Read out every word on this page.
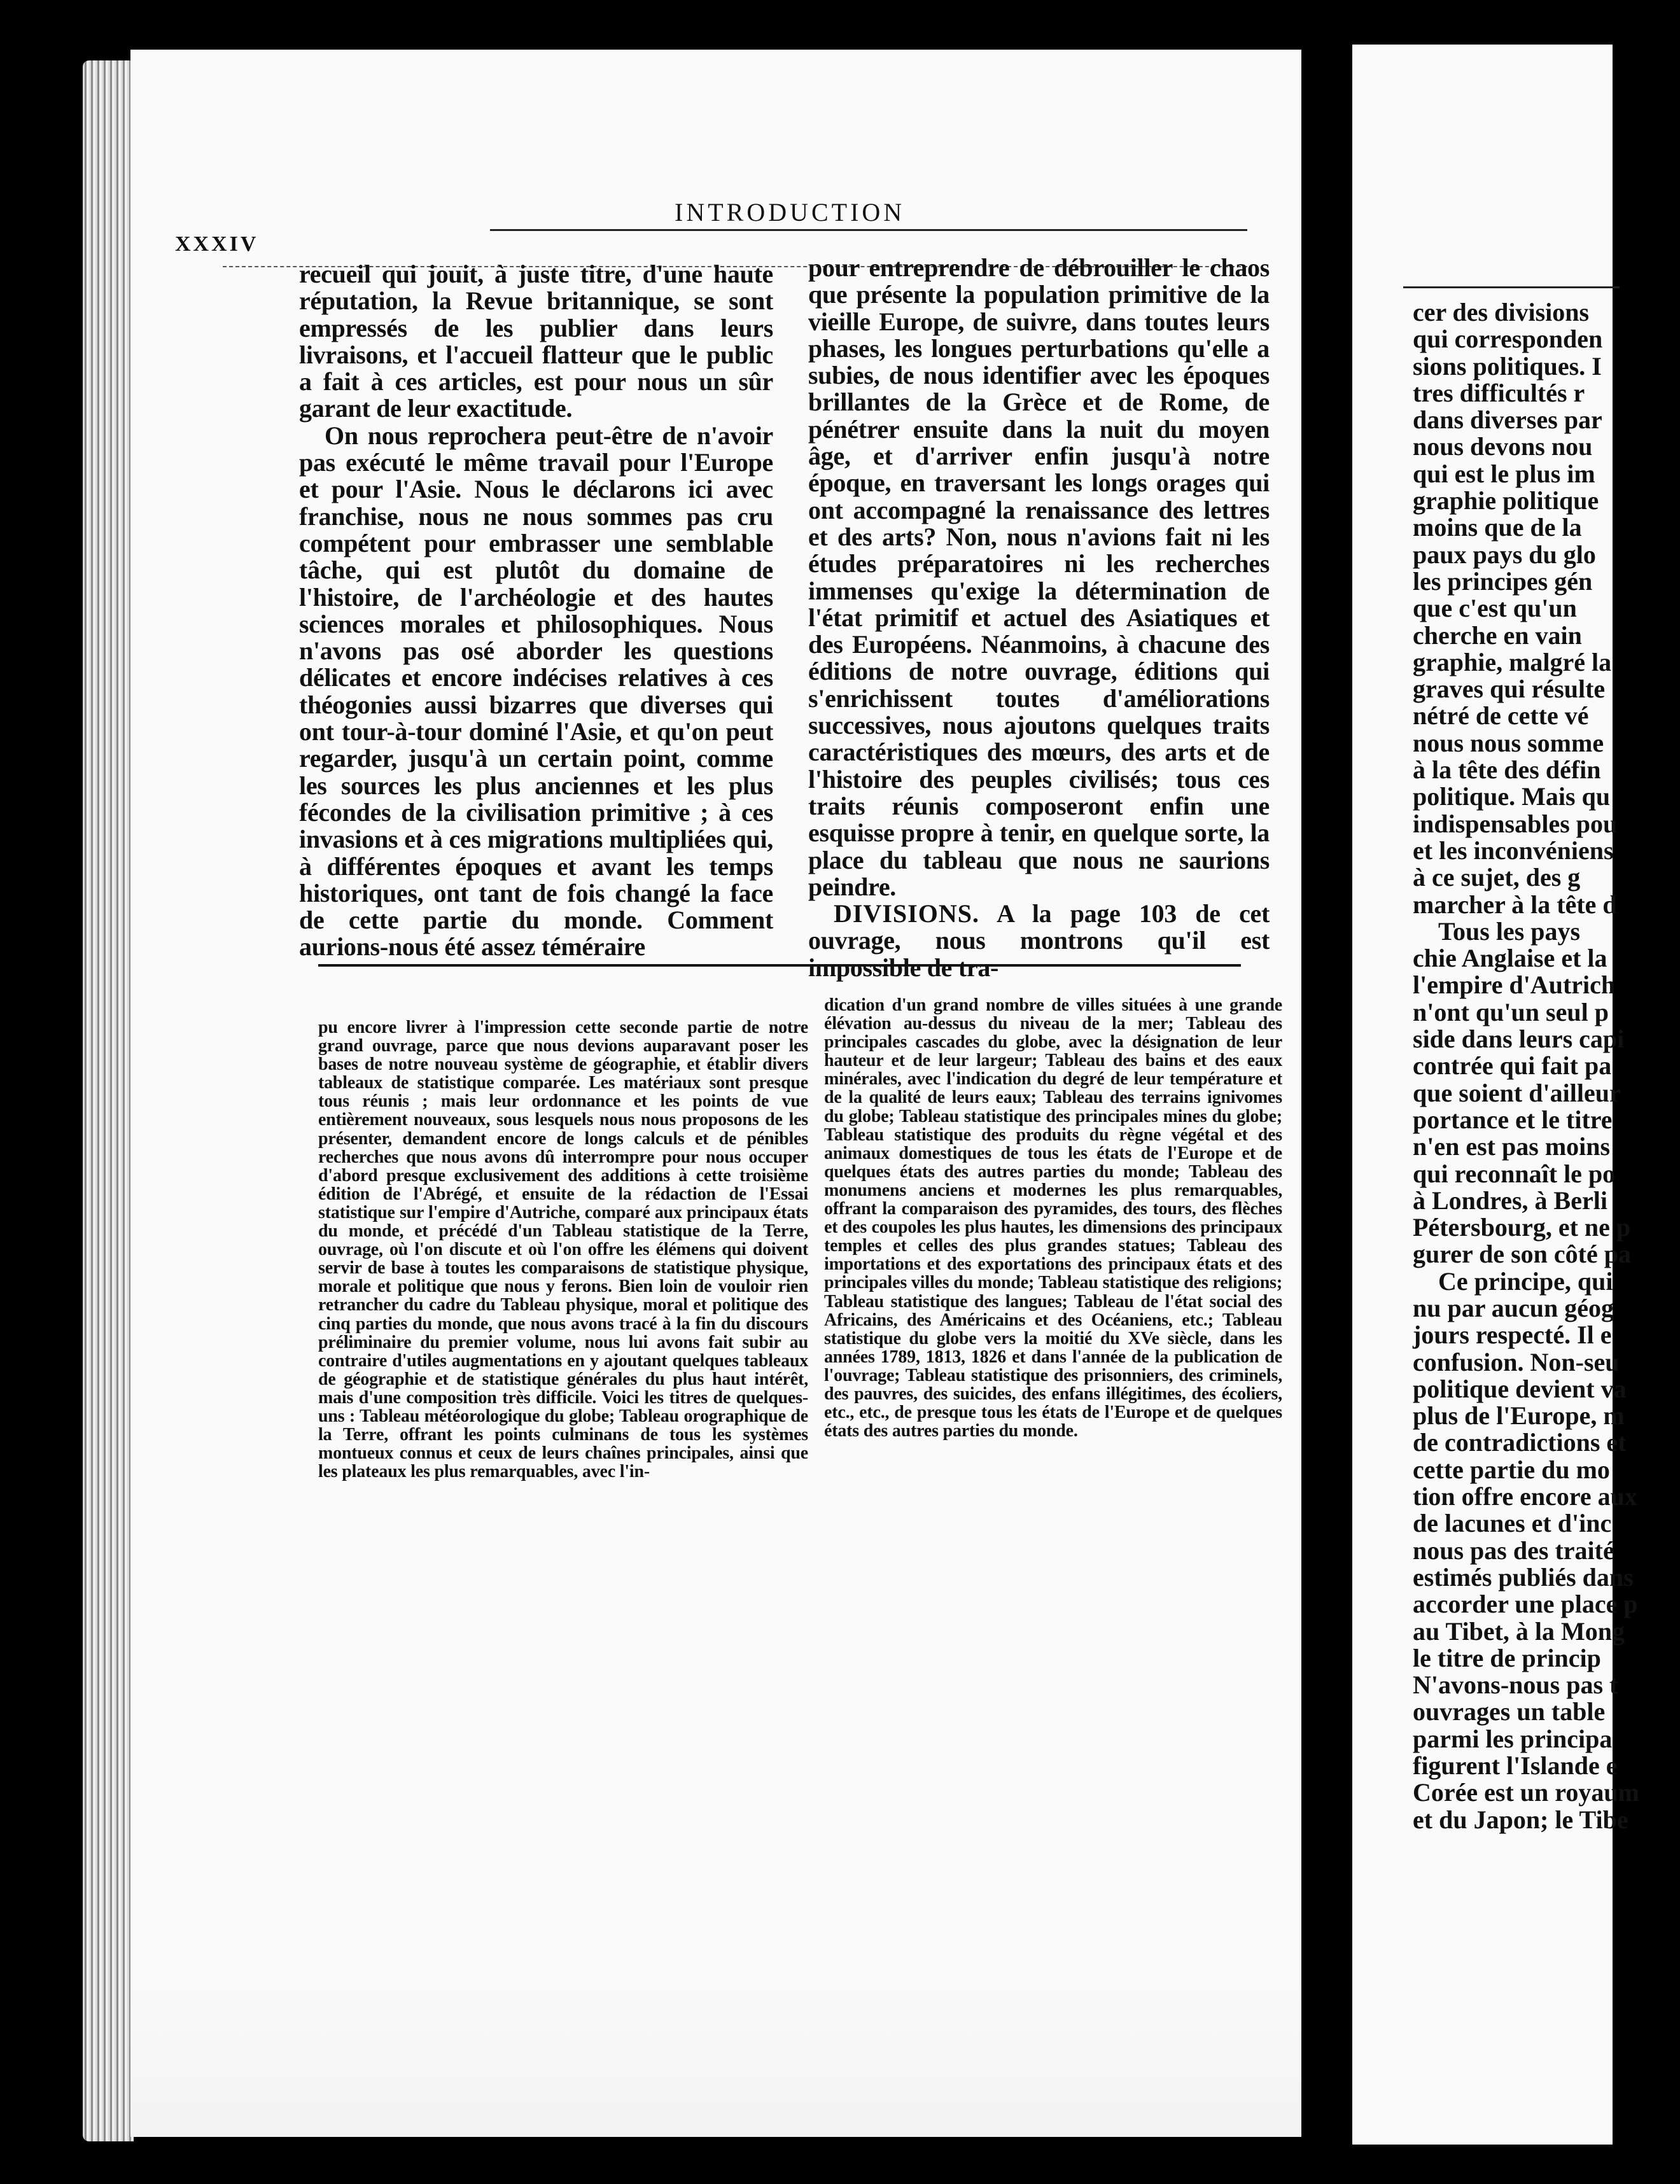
XXXIV
INTRODUCTION

recueil qui jouit, à juste titre, d'une haute réputation, la Revue britannique, se sont empressés de les publier dans leurs livraisons, et l'accueil flatteur que le public a fait à ces articles, est pour nous un sûr garant de leur exactitude.

On nous reprochera peut-être de n'avoir pas exécuté le même travail pour l'Europe et pour l'Asie. Nous le déclarons ici avec franchise, nous ne nous sommes pas cru compétent pour embrasser une semblable tâche, qui est plutôt du domaine de l'histoire, de l'archéologie et des hautes sciences morales et philosophiques. Nous n'avons pas osé aborder les questions délicates et encore indécises relatives à ces théogonies aussi bizarres que diverses qui ont tour-à-tour dominé l'Asie, et qu'on peut regarder, jusqu'à un certain point, comme les sources les plus anciennes et les plus fécondes de la civilisation primitive ; à ces invasions et à ces migrations multipliées qui, à différentes époques et avant les temps historiques, ont tant de fois changé la face de cette partie du monde. Comment aurions-nous été assez téméraire

pour entreprendre de débrouiller le chaos que présente la population primitive de la vieille Europe, de suivre, dans toutes leurs phases, les longues perturbations qu'elle a subies, de nous identifier avec les époques brillantes de la Grèce et de Rome, de pénétrer ensuite dans la nuit du moyen âge, et d'arriver enfin jusqu'à notre époque, en traversant les longs orages qui ont accompagné la renaissance des lettres et des arts? Non, nous n'avions fait ni les études préparatoires ni les recherches immenses qu'exige la détermination de l'état primitif et actuel des Asiatiques et des Européens. Néanmoins, à chacune des éditions de notre ouvrage, éditions qui s'enrichissent toutes d'améliorations successives, nous ajoutons quelques traits caractéristiques des mœurs, des arts et de l'histoire des peuples civilisés; tous ces traits réunis composeront enfin une esquisse propre à tenir, en quelque sorte, la place du tableau que nous ne saurions peindre.

DIVISIONS. A la page 103 de cet ouvrage, nous montrons qu'il est impossible de tra-

pu encore livrer à l'impression cette seconde partie de notre grand ouvrage, parce que nous devions auparavant poser les bases de notre nouveau système de géographie, et établir divers tableaux de statistique comparée. Les matériaux sont presque tous réunis ; mais leur ordonnance et les points de vue entièrement nouveaux, sous lesquels nous nous proposons de les présenter, demandent encore de longs calculs et de pénibles recherches que nous avons dû interrompre pour nous occuper d'abord presque exclusivement des additions à cette troisième édition de l'Abrégé, et ensuite de la rédaction de l'Essai statistique sur l'empire d'Autriche, comparé aux principaux états du monde, et précédé d'un Tableau statistique de la Terre, ouvrage, où l'on discute et où l'on offre les élémens qui doivent servir de base à toutes les comparaisons de statistique physique, morale et politique que nous y ferons. Bien loin de vouloir rien retrancher du cadre du Tableau physique, moral et politique des cinq parties du monde, que nous avons tracé à la fin du discours préliminaire du premier volume, nous lui avons fait subir au contraire d'utiles augmentations en y ajoutant quelques tableaux de géographie et de statistique générales du plus haut intérêt, mais d'une composition très difficile. Voici les titres de quelques-uns : Tableau météorologique du globe; Tableau orographique de la Terre, offrant les points culminans de tous les systèmes montueux connus et ceux de leurs chaînes principales, ainsi que les plateaux les plus remarquables, avec l'in-

dication d'un grand nombre de villes situées à une grande élévation au-dessus du niveau de la mer; Tableau des principales cascades du globe, avec la désignation de leur hauteur et de leur largeur; Tableau des bains et des eaux minérales, avec l'indication du degré de leur température et de la qualité de leurs eaux; Tableau des terrains ignivomes du globe; Tableau statistique des principales mines du globe; Tableau statistique des produits du règne végétal et des animaux domestiques de tous les états de l'Europe et de quelques états des autres parties du monde; Tableau des monumens anciens et modernes les plus remarquables, offrant la comparaison des pyramides, des tours, des flèches et des coupoles les plus hautes, les dimensions des principaux temples et celles des plus grandes statues; Tableau des importations et des exportations des principaux états et des principales villes du monde; Tableau statistique des religions; Tableau statistique des langues; Tableau de l'état social des Africains, des Américains et des Océaniens, etc.; Tableau statistique du globe vers la moitié du XVe siècle, dans les années 1789, 1813, 1826 et dans l'année de la publication de l'ouvrage; Tableau statistique des prisonniers, des criminels, des pauvres, des suicides, des enfans illégitimes, des écoliers, etc., etc., de presque tous les états de l'Europe et de quelques états des autres parties du monde.

cer des divisions
qui corresponden
sions politiques. I
tres difficultés r
dans diverses par
nous devons nou
qui est le plus im
graphie politique
moins que de la
paux pays du glo
les principes gén
que c'est qu'un
cherche en vain
graphie, malgré la
graves qui résulte
nétré de cette vé
nous nous somme
à la tête des défin
politique. Mais qu
indispensables pou
et les inconvéniens
à ce sujet, des g
marcher à la tête d
Tous les pays
chie Anglaise et la
l'empire d'Autrich
n'ont qu'un seul p
side dans leurs capi
contrée qui fait pa
que soient d'ailleur
portance et le titre
n'en est pas moins
qui reconnaît le po
à Londres, à Berli
Pétersbourg, et ne p
gurer de son côté pa
Ce principe, qui
nu par aucun géog
jours respecté. Il e
confusion. Non-seu
politique devient va
plus de l'Europe, m
de contradictions et
cette partie du mo
tion offre encore aux
de lacunes et d'inc
nous pas des traité
estimés publiés dans
accorder une place p
au Tibet, à la Mong
le titre de princip
N'avons-nous pas t
ouvrages un table
parmi les principa
figurent l'Islande e
Corée est un royaum
et du Japon; le Tibe
